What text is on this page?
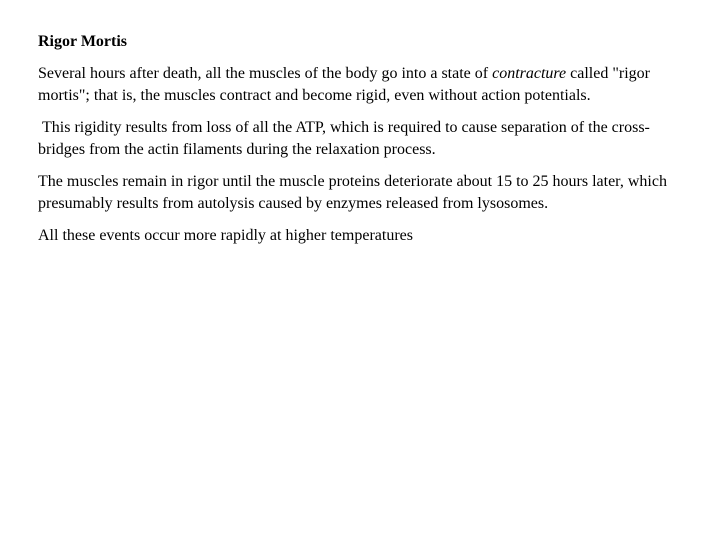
Rigor Mortis

Several hours after death, all the muscles of the body go into a state of contracture called "rigor mortis"; that is, the muscles contract and become rigid, even without action potentials.

This rigidity results from loss of all the ATP, which is required to cause separation of the cross-bridges from the actin filaments during the relaxation process.

The muscles remain in rigor until the muscle proteins deteriorate about 15 to 25 hours later, which presumably results from autolysis caused by enzymes released from lysosomes.

All these events occur more rapidly at higher temperatures
